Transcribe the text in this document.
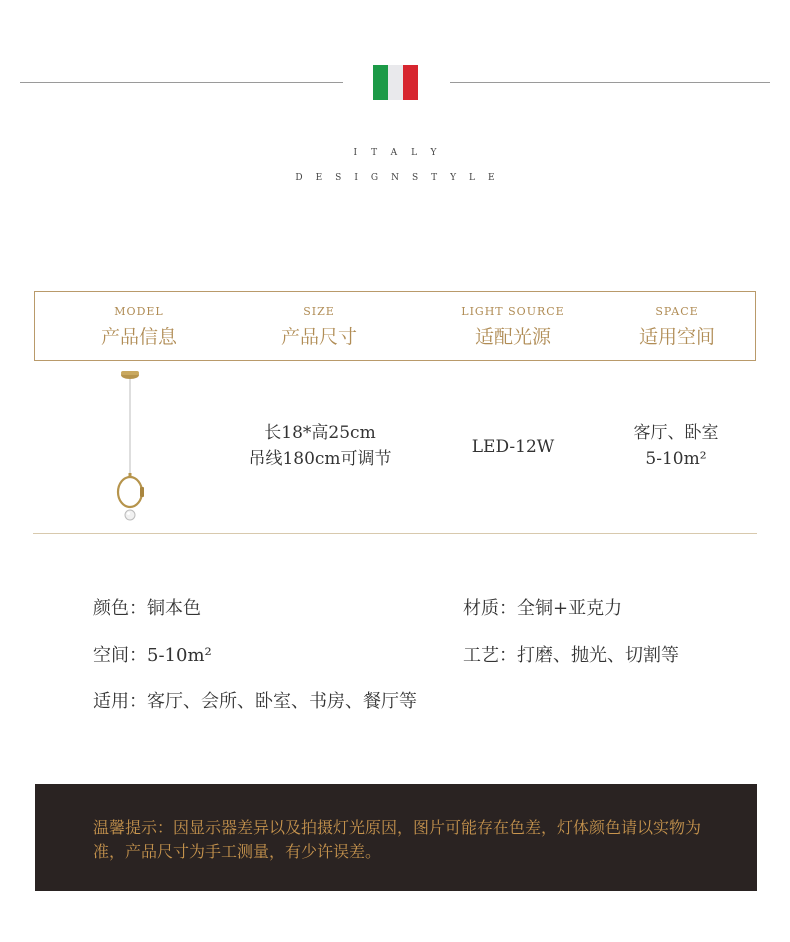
ITALY
DESIGNSTYLE
MODEL
产品信息
SIZE
产品尺寸
LIGHT SOURCE
适配光源
SPACE
适用空间
长18*高25cm
吊线180cm可调节
LED-12W
客厅、卧室
5-10m²
颜色：铜本色	材质：全铜+亚克力
空间：5-10m²	工艺：打磨、抛光、切割等
适用：客厅、会所、卧室、书房、餐厅等

温馨提示：因显示器差异以及拍摄灯光原因，图片可能存在色差，灯体颜色请以实物为准，产品尺寸为手工测量，有少许误差。
